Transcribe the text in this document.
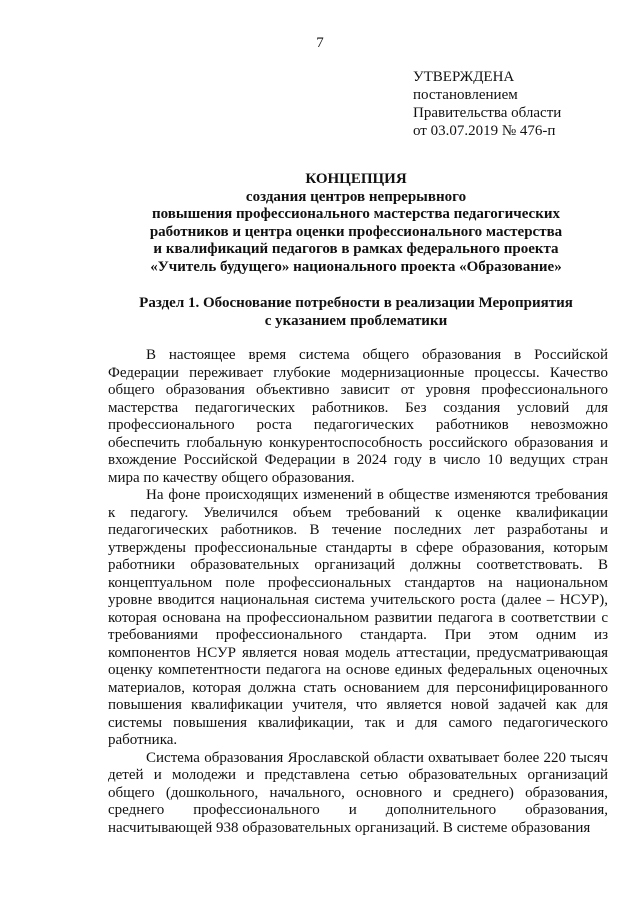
7
УТВЕРЖДЕНА
постановлением
Правительства области
от 03.07.2019 № 476-п
КОНЦЕПЦИЯ
создания центров непрерывного
повышения профессионального мастерства педагогических
работников и центра оценки профессионального мастерства
и квалификаций педагогов в рамках федерального проекта
«Учитель будущего» национального проекта «Образование»
Раздел 1. Обоснование потребности в реализации Мероприятия
с указанием проблематики

В настоящее время система общего образования в Российской Федерации переживает глубокие модернизационные процессы. Качество общего образования объективно зависит от уровня профессионального мастерства педагогических работников. Без создания условий для профессионального роста педагогических работников невозможно обеспечить глобальную конкурентоспособность российского образования и вхождение Российской Федерации в 2024 году в число 10 ведущих стран мира по качеству общего образования.

На фоне происходящих изменений в обществе изменяются требования к педагогу. Увеличился объем требований к оценке квалификации педагогических работников. В течение последних лет разработаны и утверждены профессиональные стандарты в сфере образования, которым работники образовательных организаций должны соответствовать. В концептуальном поле профессиональных стандартов на национальном уровне вводится национальная система учительского роста (далее – НСУР), которая основана на профессиональном развитии педагога в соответствии с требованиями профессионального стандарта. При этом одним из компонентов НСУР является новая модель аттестации, предусматривающая оценку компетентности педагога на основе единых федеральных оценочных материалов, которая должна стать основанием для персонифицированного повышения квалификации учителя, что является новой задачей как для системы повышения квалификации, так и для самого педагогического работника.

Система образования Ярославской области охватывает более 220 тысяч детей и молодежи и представлена сетью образовательных организаций общего (дошкольного, начального, основного и среднего) образования, среднего профессионального и дополнительного образования, насчитывающей 938 образовательных организаций. В системе образования
